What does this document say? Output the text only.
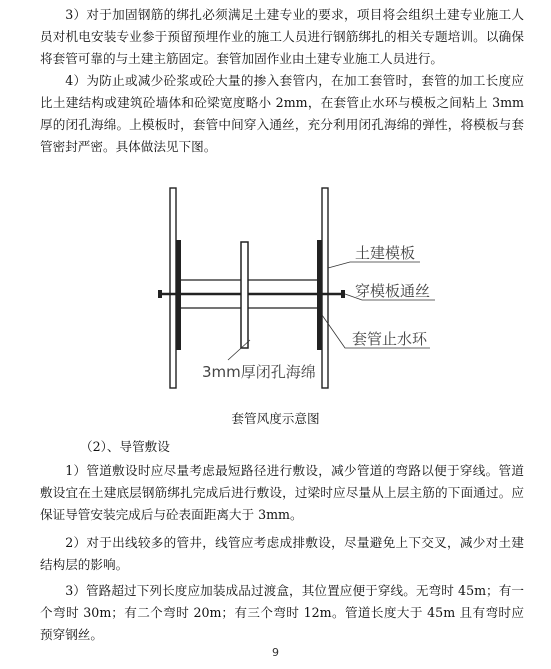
3）对于加固钢筋的绑扎必须满足土建专业的要求，项目将会组织土建专业施工人员对机电安装专业参于预留预埋作业的施工人员进行钢筋绑扎的相关专题培训。以确保将套管可靠的与土建主筋固定。套管加固作业由土建专业施工人员进行。

4）为防止或减少砼浆或砼大量的掺入套管内，在加工套管时，套管的加工长度应比土建结构或建筑砼墙体和砼梁宽度略小 2mm，在套管止水环与模板之间粘上 3mm 厚的闭孔海绵。上模板时，套管中间穿入通丝，充分利用闭孔海绵的弹性，将模板与套管密封严密。具体做法见下图。

土建模板
穿模板通丝
套管止水环
3mm厚闭孔海绵
套管风度示意图
（2）、导管敷设

1）管道敷设时应尽量考虑最短路径进行敷设，减少管道的弯路以便于穿线。管道敷设宜在土建底层钢筋绑扎完成后进行敷设，过梁时应尽量从上层主筋的下面通过。应保证导管安装完成后与砼表面距离大于 3mm。

2）对于出线较多的管井，线管应考虑成排敷设，尽量避免上下交叉，减少对土建结构层的影响。

3）管路超过下列长度应加装成品过渡盒，其位置应便于穿线。无弯时 45m；有一个弯时 30m；有二个弯时 20m；有三个弯时 12m。管道长度大于 45m 且有弯时应预穿钢丝。

9
